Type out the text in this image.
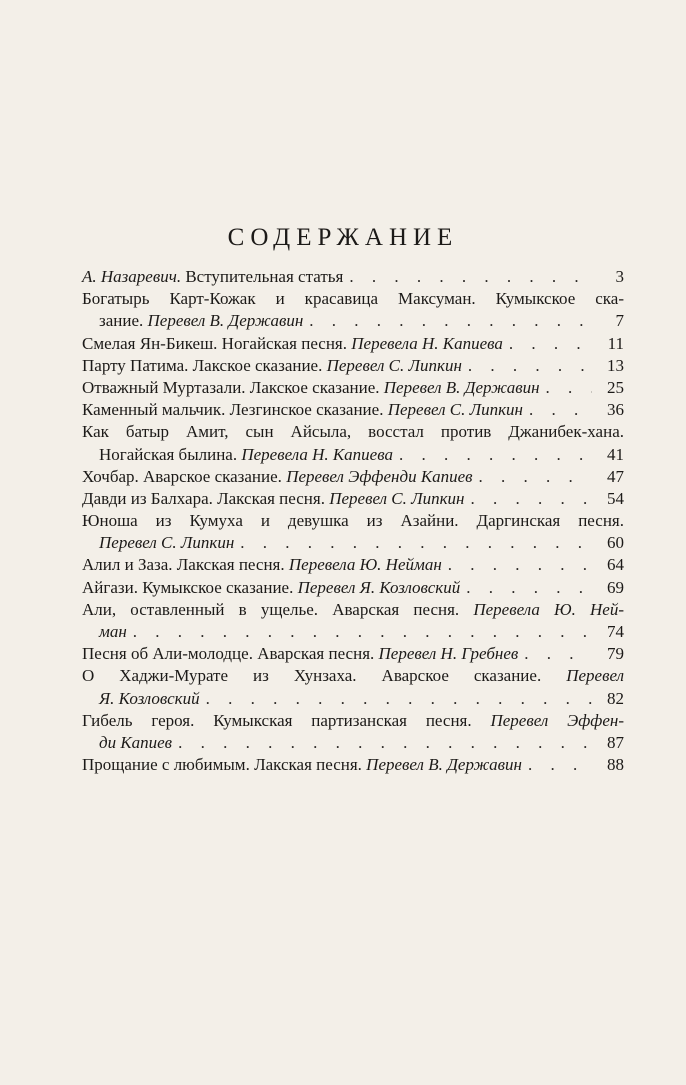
СОДЕРЖАНИЕ
А. Назаревич. Вступительная статья . . .	3
Богатырь Карт-Кожак и красавица Максуман. Кумыкское ска-
зание. Перевел В. Державин . . .	7
Смелая Ян-Бикеш. Ногайская песня. Перевела Н. Капиева . . .	11
Парту Патима. Лакское сказание. Перевел С. Липкин . . .	13
Отважный Муртазали. Лакское сказание. Перевел В. Державин . . .	25
Каменный мальчик. Лезгинское сказание. Перевел С. Липкин . . .	36
Как батыр Амит, сын Айсыла, восстал против Джанибек-хана.
Ногайская былина. Перевела Н. Капиева . . .	41
Хочбар. Аварское сказание. Перевел Эффенди Капиев . . .	47
Давди из Балхара. Лакская песня. Перевел С. Липкин . . .	54
Юноша из Кумуха и девушка из Азайни. Даргинская песня.
Перевел С. Липкин . . .	60
Алил и Заза. Лакская песня. Перевела Ю. Нейман . . .	64
Айгази. Кумыкское сказание. Перевел Я. Козловский . . .	69
Али, оставленный в ущелье. Аварская песня. Перевела Ю. Ней-
ман . . .	74
Песня об Али-молодце. Аварская песня. Перевел Н. Гребнев . . .	79
О Хаджи-Мурате из Хунзаха. Аварское сказание. Перевел
Я. Козловский . . .	82
Гибель героя. Кумыкская партизанская песня. Перевел Эффен-
ди Капиев . . .	87
Прощание с любимым. Лакская песня. Перевел В. Державин . . .	88
